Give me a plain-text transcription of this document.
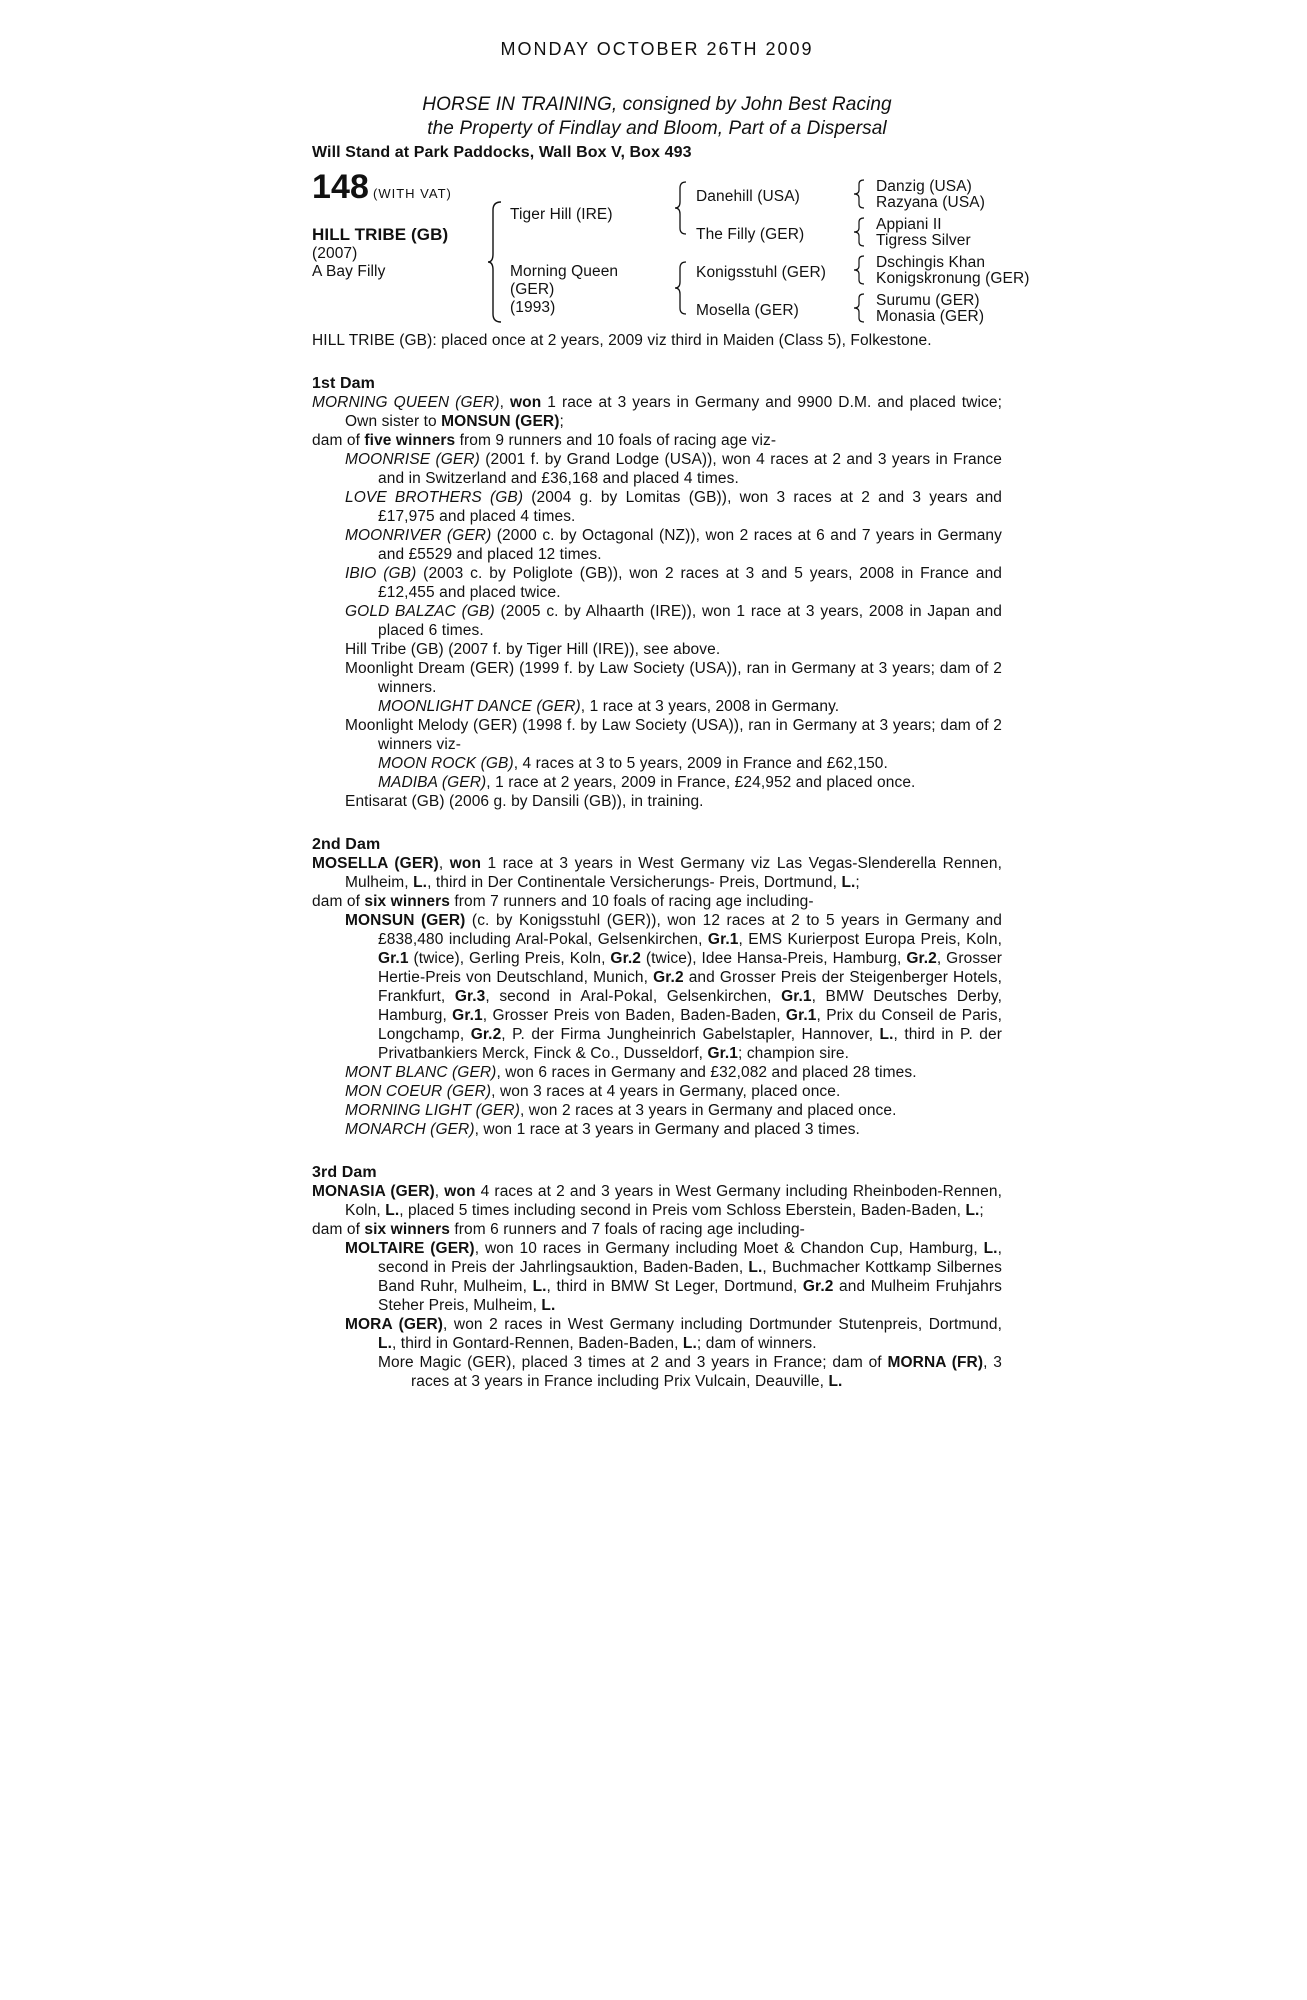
MONDAY OCTOBER 26TH 2009
HORSE IN TRAINING, consigned by John Best Racing
the Property of Findlay and Bloom, Part of a Dispersal
Will Stand at Park Paddocks, Wall Box V, Box 493
148 (WITH VAT)
HILL TRIBE (GB)
(2007)
A Bay Filly
Tiger Hill (IRE)
Morning Queen
(GER)
(1993)
Danehill (USA)
The Filly (GER)
Konigsstuhl (GER)
Mosella (GER)
Danzig (USA)
Razyana (USA)
Appiani II
Tigress Silver
Dschingis Khan
Konigskronung (GER)
Surumu (GER)
Monasia (GER)
HILL TRIBE (GB): placed once at 2 years, 2009 viz third in Maiden (Class 5), Folkestone.
1st Dam

MORNING QUEEN (GER), won 1 race at 3 years in Germany and 9900 D.M. and placed twice; Own sister to MONSUN (GER);

dam of five winners from 9 runners and 10 foals of racing age viz-

MOONRISE (GER) (2001 f. by Grand Lodge (USA)), won 4 races at 2 and 3 years in France and in Switzerland and £36,168 and placed 4 times.

LOVE BROTHERS (GB) (2004 g. by Lomitas (GB)), won 3 races at 2 and 3 years and £17,975 and placed 4 times.

MOONRIVER (GER) (2000 c. by Octagonal (NZ)), won 2 races at 6 and 7 years in Germany and £5529 and placed 12 times.

IBIO (GB) (2003 c. by Poliglote (GB)), won 2 races at 3 and 5 years, 2008 in France and £12,455 and placed twice.

GOLD BALZAC (GB) (2005 c. by Alhaarth (IRE)), won 1 race at 3 years, 2008 in Japan and placed 6 times.

Hill Tribe (GB) (2007 f. by Tiger Hill (IRE)), see above.

Moonlight Dream (GER) (1999 f. by Law Society (USA)), ran in Germany at 3 years; dam of 2 winners.

MOONLIGHT DANCE (GER), 1 race at 3 years, 2008 in Germany.

Moonlight Melody (GER) (1998 f. by Law Society (USA)), ran in Germany at 3 years; dam of 2 winners viz-

MOON ROCK (GB), 4 races at 3 to 5 years, 2009 in France and £62,150.

MADIBA (GER), 1 race at 2 years, 2009 in France, £24,952 and placed once.

Entisarat (GB) (2006 g. by Dansili (GB)), in training.

2nd Dam

MOSELLA (GER), won 1 race at 3 years in West Germany viz Las Vegas-Slenderella Rennen, Mulheim, L., third in Der Continentale Versicherungs- Preis, Dortmund, L.;

dam of six winners from 7 runners and 10 foals of racing age including-

MONSUN (GER) (c. by Konigsstuhl (GER)), won 12 races at 2 to 5 years in Germany and £838,480 including Aral-Pokal, Gelsenkirchen, Gr.1, EMS Kurierpost Europa Preis, Koln, Gr.1 (twice), Gerling Preis, Koln, Gr.2 (twice), Idee Hansa-Preis, Hamburg, Gr.2, Grosser Hertie-Preis von Deutschland, Munich, Gr.2 and Grosser Preis der Steigenberger Hotels, Frankfurt, Gr.3, second in Aral-Pokal, Gelsenkirchen, Gr.1, BMW Deutsches Derby, Hamburg, Gr.1, Grosser Preis von Baden, Baden-Baden, Gr.1, Prix du Conseil de Paris, Longchamp, Gr.2, P. der Firma Jungheinrich Gabelstapler, Hannover, L., third in P. der Privatbankiers Merck, Finck & Co., Dusseldorf, Gr.1; champion sire.

MONT BLANC (GER), won 6 races in Germany and £32,082 and placed 28 times.

MON COEUR (GER), won 3 races at 4 years in Germany, placed once.

MORNING LIGHT (GER), won 2 races at 3 years in Germany and placed once.

MONARCH (GER), won 1 race at 3 years in Germany and placed 3 times.

3rd Dam

MONASIA (GER), won 4 races at 2 and 3 years in West Germany including Rheinboden-Rennen, Koln, L., placed 5 times including second in Preis vom Schloss Eberstein, Baden-Baden, L.;

dam of six winners from 6 runners and 7 foals of racing age including-

MOLTAIRE (GER), won 10 races in Germany including Moet & Chandon Cup, Hamburg, L., second in Preis der Jahrlingsauktion, Baden-Baden, L., Buchmacher Kottkamp Silbernes Band Ruhr, Mulheim, L., third in BMW St Leger, Dortmund, Gr.2 and Mulheim Fruhjahrs Steher Preis, Mulheim, L.

MORA (GER), won 2 races in West Germany including Dortmunder Stutenpreis, Dortmund, L., third in Gontard-Rennen, Baden-Baden, L.; dam of winners.

More Magic (GER), placed 3 times at 2 and 3 years in France; dam of MORNA (FR), 3 races at 3 years in France including Prix Vulcain, Deauville, L.
